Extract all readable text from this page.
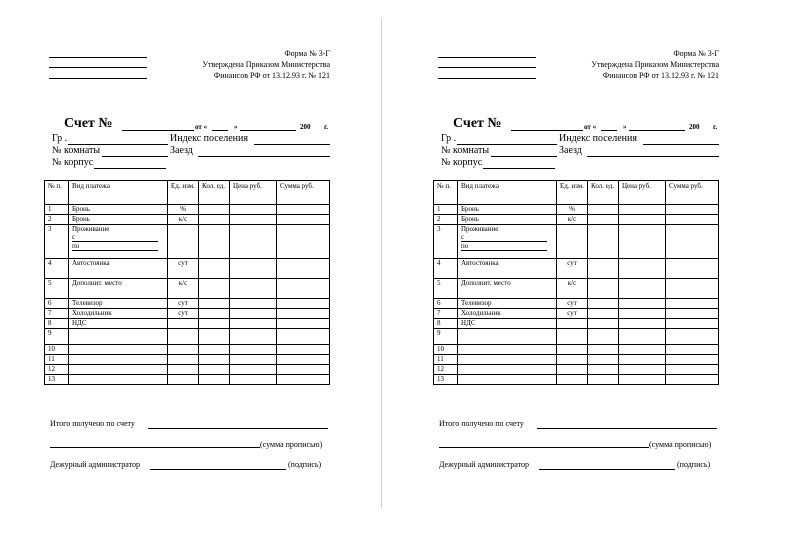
Форма № 3-Г
Утверждена Приказом Министерства
Финансов РФ от 13.12.93 г. № 121
Счет №	от «	»	200 г.
Гр .	Индекс поселения
№ комнаты	Заезд
№ корпус
№ п.	Вид платежа	Ед. изм.	Кол. ед.	Цена руб.	Сумма руб.
1	Бронь	%			
2	Бронь	к/с			
3	Проживание
с
по				

4	Автостоянка	сут			
5	Дополнит. место	к/с			
6	Телевизор	сут			
7	Холодильник	сут			
8	НДС				
9					
10					
11					
12					
13					
Итого получено по счету
(сумма прописью)
Дежурный администратор	(подпись)
Форма № 3-Г
Утверждена Приказом Министерства
Финансов РФ от 13.12.93 г. № 121
Счет №	от «	»	200 г.
Гр .	Индекс поселения
№ комнаты	Заезд
№ корпус
№ п.	Вид платежа	Ед. изм.	Кол. ед.	Цена руб.	Сумма руб.
1	Бронь	%			
2	Бронь	к/с			
3	Проживание
с
по				

4	Автостоянка	сут			
5	Дополнит. место	к/с			
6	Телевизор	сут			
7	Холодильник	сут			
8	НДС				
9					
10					
11					
12					
13					
Итого получено по счету
(сумма прописью)
Дежурный администратор	(подпись)
